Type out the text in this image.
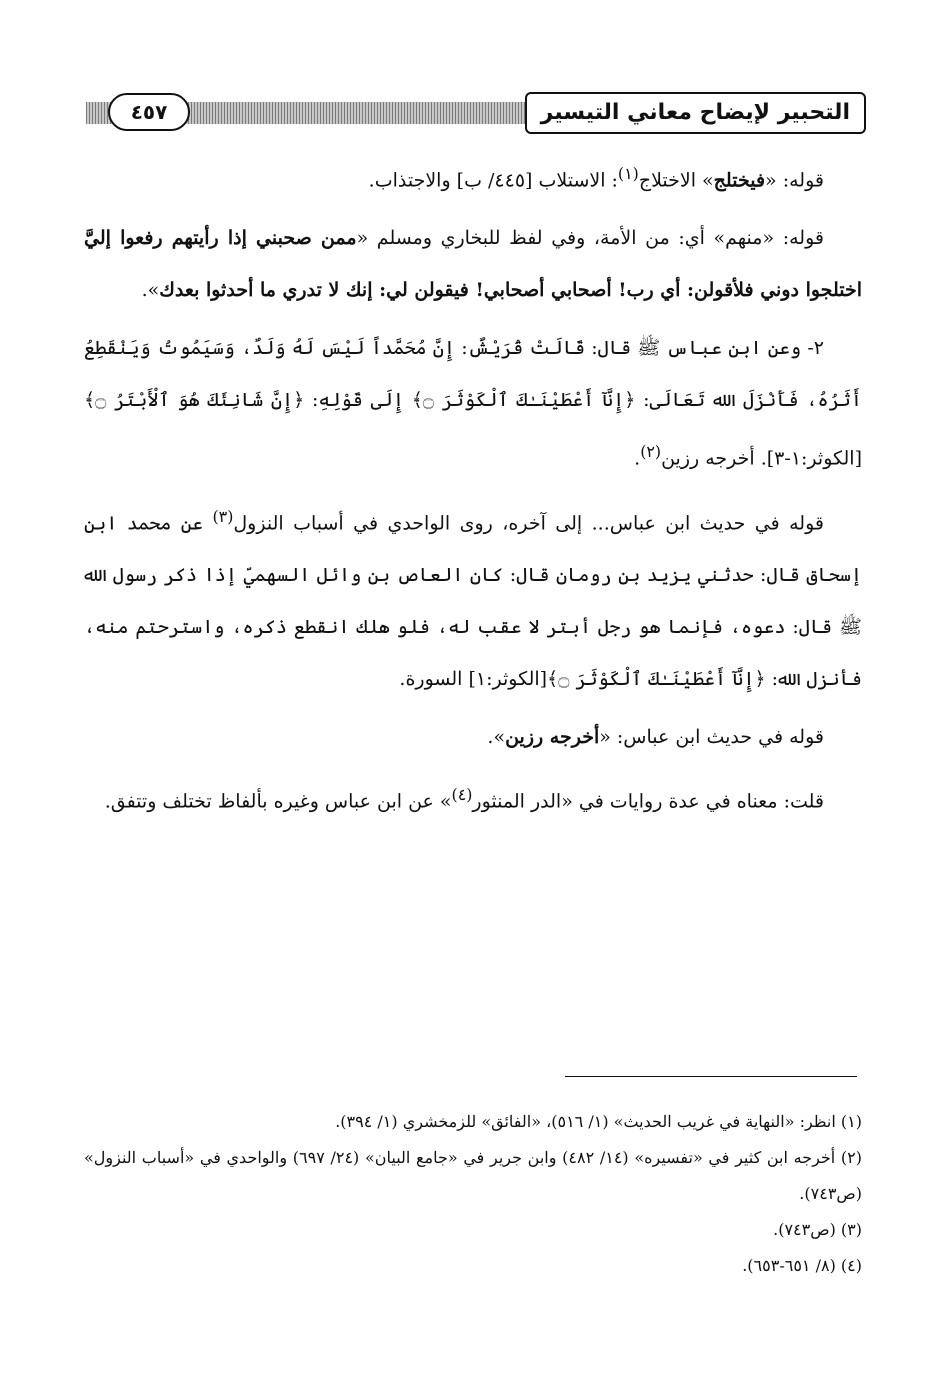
التحبير لإيضاح معاني التيسير
٤٥٧

قوله: «فيختلج» الاختلاج$^{(١)}$: الاستلاب [٤٤٥/ ب] والاجتذاب.

قوله: «منهم» أي: من الأمة، وفي لفظ للبخاري ومسلم «ممن صحبني إذا رأيتهم رفعوا إليَّ اختلجوا دوني فلأقولن: أي رب! أصحابي أصحابي! فيقولن لي: إنك لا تدري ما أحدثوا بعدك».

٢- وعن ابن عباس ﷺ قال: قَالَتْ قُرَيْشٌ: إِنَّ مُحَمَّداً لَيْسَ لَهُ وَلَدٌ، وَسَيَمُوتُ وَيَنْقَطِعُ أَثَرُهُ، فَأَنْزَلَ الله تَعَالَى: ﴿إِنَّآ أَعْطَيْنَـٰكَ ٱلْكَوْثَرَ ۝﴾ إِلَى قَوْلِهِ: ﴿إِنَّ شَانِئَكَ هُوَ ٱلْأَبْتَرُ ۝﴾[الكوثر:١-٣]. أخرجه رزين$^{(٢)}$.

قوله في حديث ابن عباس... إلى آخره، روى الواحدي في أسباب النزول$^{(٣)}$ عن محمد ابن إسحاق قال: حدثني يزيد بن رومان قال: كان العاص بن وائل السهميّ إذا ذكر رسول الله ﷺ قال: دعوه، فإنما هو رجل أبتر لا عقب له، فلو هلك انقطع ذكره، واسترحتم منه، فأنزل الله: ﴿إِنَّآ أَعْطَيْنَـٰكَ ٱلْكَوْثَرَ ۝﴾[الكوثر:١] السورة.

قوله في حديث ابن عباس: «أخرجه رزين».

قلت: معناه في عدة روايات في «الدر المنثور$^{(٤)}$» عن ابن عباس وغيره بألفاظ تختلف وتتفق.

(١) انظر: «النهاية في غريب الحديث» (١/ ٥١٦)، «الفائق» للزمخشري (١/ ٣٩٤).

(٢) أخرجه ابن كثير في «تفسيره» (١٤/ ٤٨٢) وابن جرير في «جامع البيان» (٢٤/ ٦٩٧) والواحدي في «أسباب النزول» (ص٧٤٣).

(٣) (ص٧٤٣).

(٤) (٨/ ٦٥١-٦٥٣).
